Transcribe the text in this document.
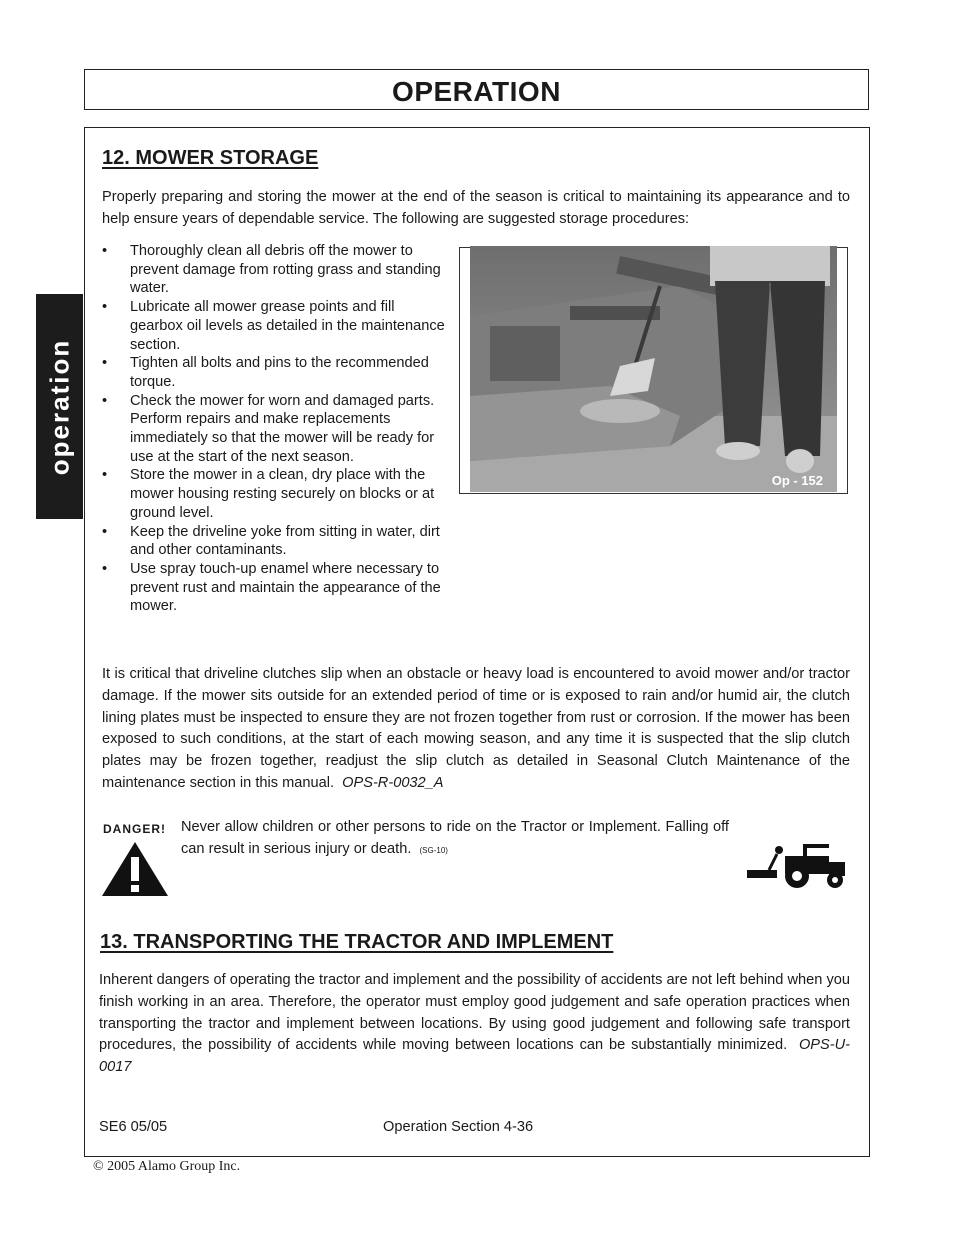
OPERATION
operation
12. MOWER STORAGE
Properly preparing and storing the mower at the end of the season is critical to maintaining its appearance and to help ensure years of dependable service. The following are suggested storage procedures:
• Thoroughly clean all debris off the mower to prevent damage from rotting grass and standing water.
• Lubricate all mower grease points and fill gearbox oil levels as detailed in the maintenance section.
• Tighten all bolts and pins to the recommended torque.
• Check the mower for worn and damaged parts. Perform repairs and make replacements immediately so that the mower will be ready for use at the start of the next season.
• Store the mower in a clean, dry place with the mower housing resting securely on blocks or at ground level.
• Keep the driveline yoke from sitting in water, dirt and other contaminants.
• Use spray touch-up enamel where necessary to prevent rust and maintain the appearance of the mower.
Op - 152
It is critical that driveline clutches slip when an obstacle or heavy load is encountered to avoid mower and/or tractor damage. If the mower sits outside for an extended period of time or is exposed to rain and/or humid air, the clutch lining plates must be inspected to ensure they are not frozen together from rust or corrosion. If the mower has been exposed to such conditions, at the start of each mowing season, and any time it is suspected that the slip clutch plates may be frozen together, readjust the slip clutch as detailed in Seasonal Clutch Maintenance of the maintenance section in this manual. OPS-R-0032_A
DANGER! Never allow children or other persons to ride on the Tractor or Implement. Falling off can result in serious injury or death. (SG-10)
13. TRANSPORTING THE TRACTOR AND IMPLEMENT
Inherent dangers of operating the tractor and implement and the possibility of accidents are not left behind when you finish working in an area. Therefore, the operator must employ good judgement and safe operation practices when transporting the tractor and implement between locations. By using good judgement and following safe transport procedures, the possibility of accidents while moving between locations can be substantially minimized. OPS-U- 0017
SE6 05/05	Operation Section 4-36
© 2005 Alamo Group Inc.
